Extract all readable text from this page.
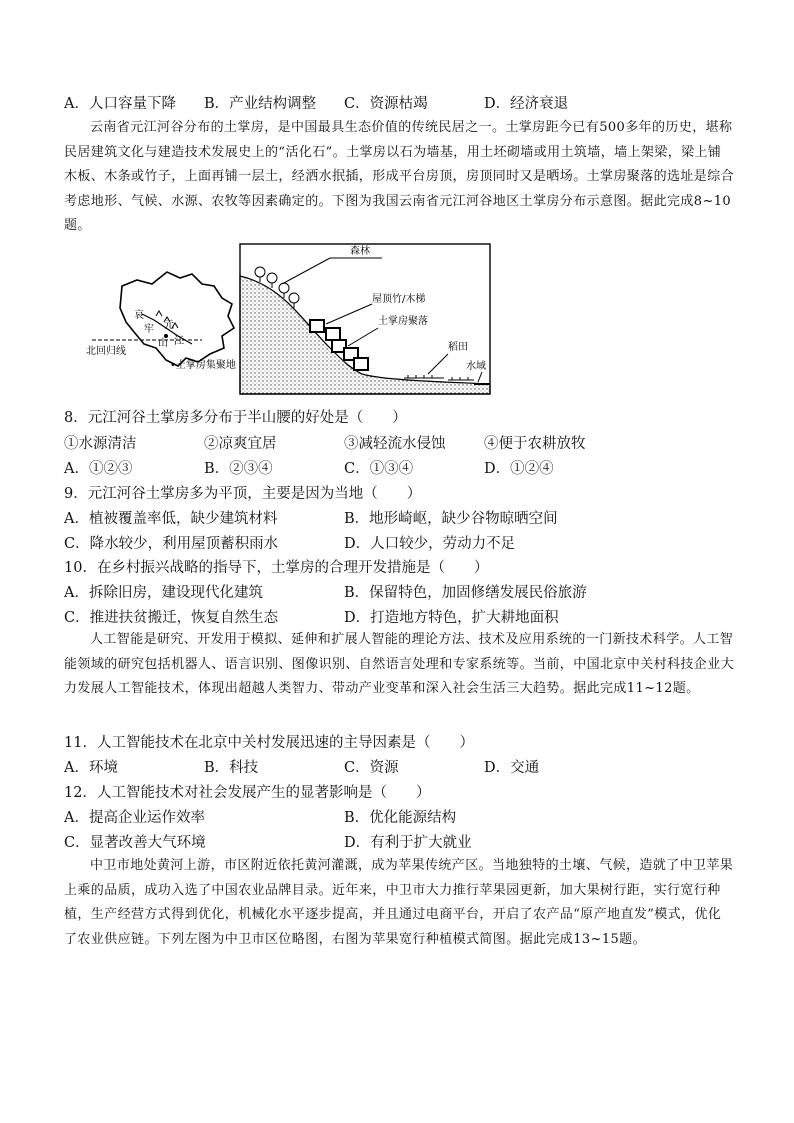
A．人口容量下降 B．产业结构调整 C．资源枯竭	D．经济衰退
云南省元江河谷分布的土掌房，是中国最具生态价值的传统民居之一。土掌房距今已有500多年的历史，堪称民居建筑文化与建造技术发展史上的“活化石”。土掌房以石为墙基，用土坯砌墙或用土筑墙，墙上架梁，梁上铺木板、木条或竹子，上面再铺一层土，经洒水抿插，形成平台房顶，房顶同时又是晒场。土掌房聚落的选址是综合考虑地形、气候、水源、农牧等因素确定的。下图为我国云南省元江河谷地区土掌房分布示意图。据此完成8~10题。
元
江
哀
牢
山
北回归线
•土掌房集聚地
森林
屋顶竹/木梯
土掌房聚落
稻田
水域
8．元江河谷土掌房多分布于半山腰的好处是（　　）
①水源清洁	②凉爽宜居	③减轻流水侵蚀	④便于农耕放牧
A．①②③	B．②③④	C．①③④	D．①②④
9．元江河谷土掌房多为平顶，主要是因为当地（　　）
A．植被覆盖率低，缺少建筑材料	B．地形崎岖，缺少谷物晾晒空间
C．降水较少，利用屋顶蓄积雨水	D．人口较少，劳动力不足
10．在乡村振兴战略的指导下，土掌房的合理开发措施是（　　）
A．拆除旧房，建设现代化建筑	B．保留特色，加固修缮发展民俗旅游
C．推进扶贫搬迁，恢复自然生态	D．打造地方特色，扩大耕地面积
人工智能是研究、开发用于模拟、延伸和扩展人智能的理论方法、技术及应用系统的一门新技术科学。人工智能领域的研究包括机器人、语言识别、图像识别、自然语言处理和专家系统等。当前，中国北京中关村科技企业大力发展人工智能技术，体现出超越人类智力、带动产业变革和深入社会生活三大趋势。据此完成11~12题。
11．人工智能技术在北京中关村发展迅速的主导因素是（　　）
A．环境	B．科技	C．资源	D．交通
12．人工智能技术对社会发展产生的显著影响是（　　）
A．提高企业运作效率	B．优化能源结构
C．显著改善大气环境	D．有利于扩大就业
中卫市地处黄河上游，市区附近依托黄河灌溉，成为苹果传统产区。当地独特的土壤、气候，造就了中卫苹果上乘的品质，成功入选了中国农业品牌目录。近年来，中卫市大力推行苹果园更新，加大果树行距，实行宽行种植，生产经营方式得到优化，机械化水平逐步提高，并且通过电商平台，开启了农产品“原产地直发”模式，优化了农业供应链。下列左图为中卫市区位略图，右图为苹果宽行种植模式简图。据此完成13~15题。
